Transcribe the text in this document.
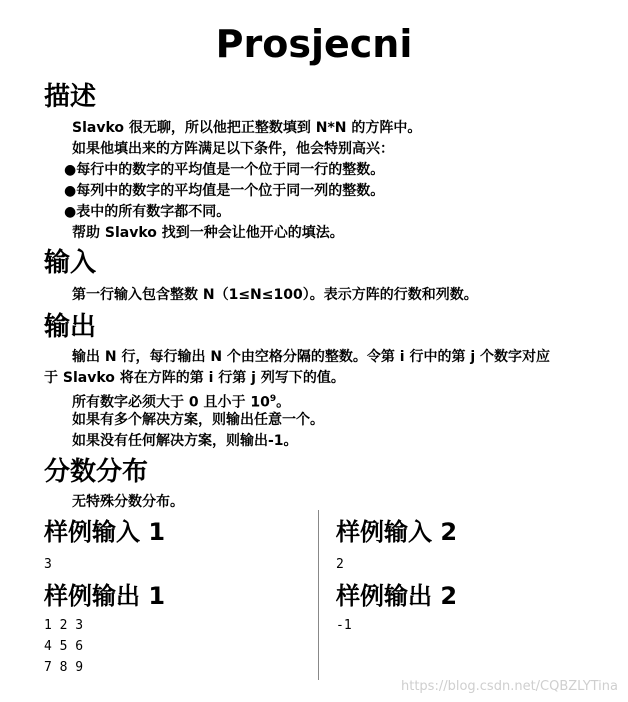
Prosjecni
描述
Slavko 很无聊，所以他把正整数填到 N*N 的方阵中。
如果他填出来的方阵满足以下条件，他会特别高兴：
●每行中的数字的平均值是一个位于同一行的整数。
●每列中的数字的平均值是一个位于同一列的整数。
●表中的所有数字都不同。
帮助 Slavko 找到一种会让他开心的填法。
输入
第一行输入包含整数 N（1≤N≤100）。表示方阵的行数和列数。
输出
输出 N 行，每行输出 N 个由空格分隔的整数。令第 i 行中的第 j 个数字对应
于 Slavko 将在方阵的第 i 行第 j 列写下的值。
所有数字必须大于 0 且小于 $10^9$。
如果有多个解决方案，则输出任意一个。
如果没有任何解决方案，则输出-1。
分数分布
无特殊分数分布。
样例输入 1
3
样例输出 1
1 2 3
4 5 6
7 8 9
样例输入 2
2
样例输出 2
-1
https://blog.csdn.net/CQBZLYTina
